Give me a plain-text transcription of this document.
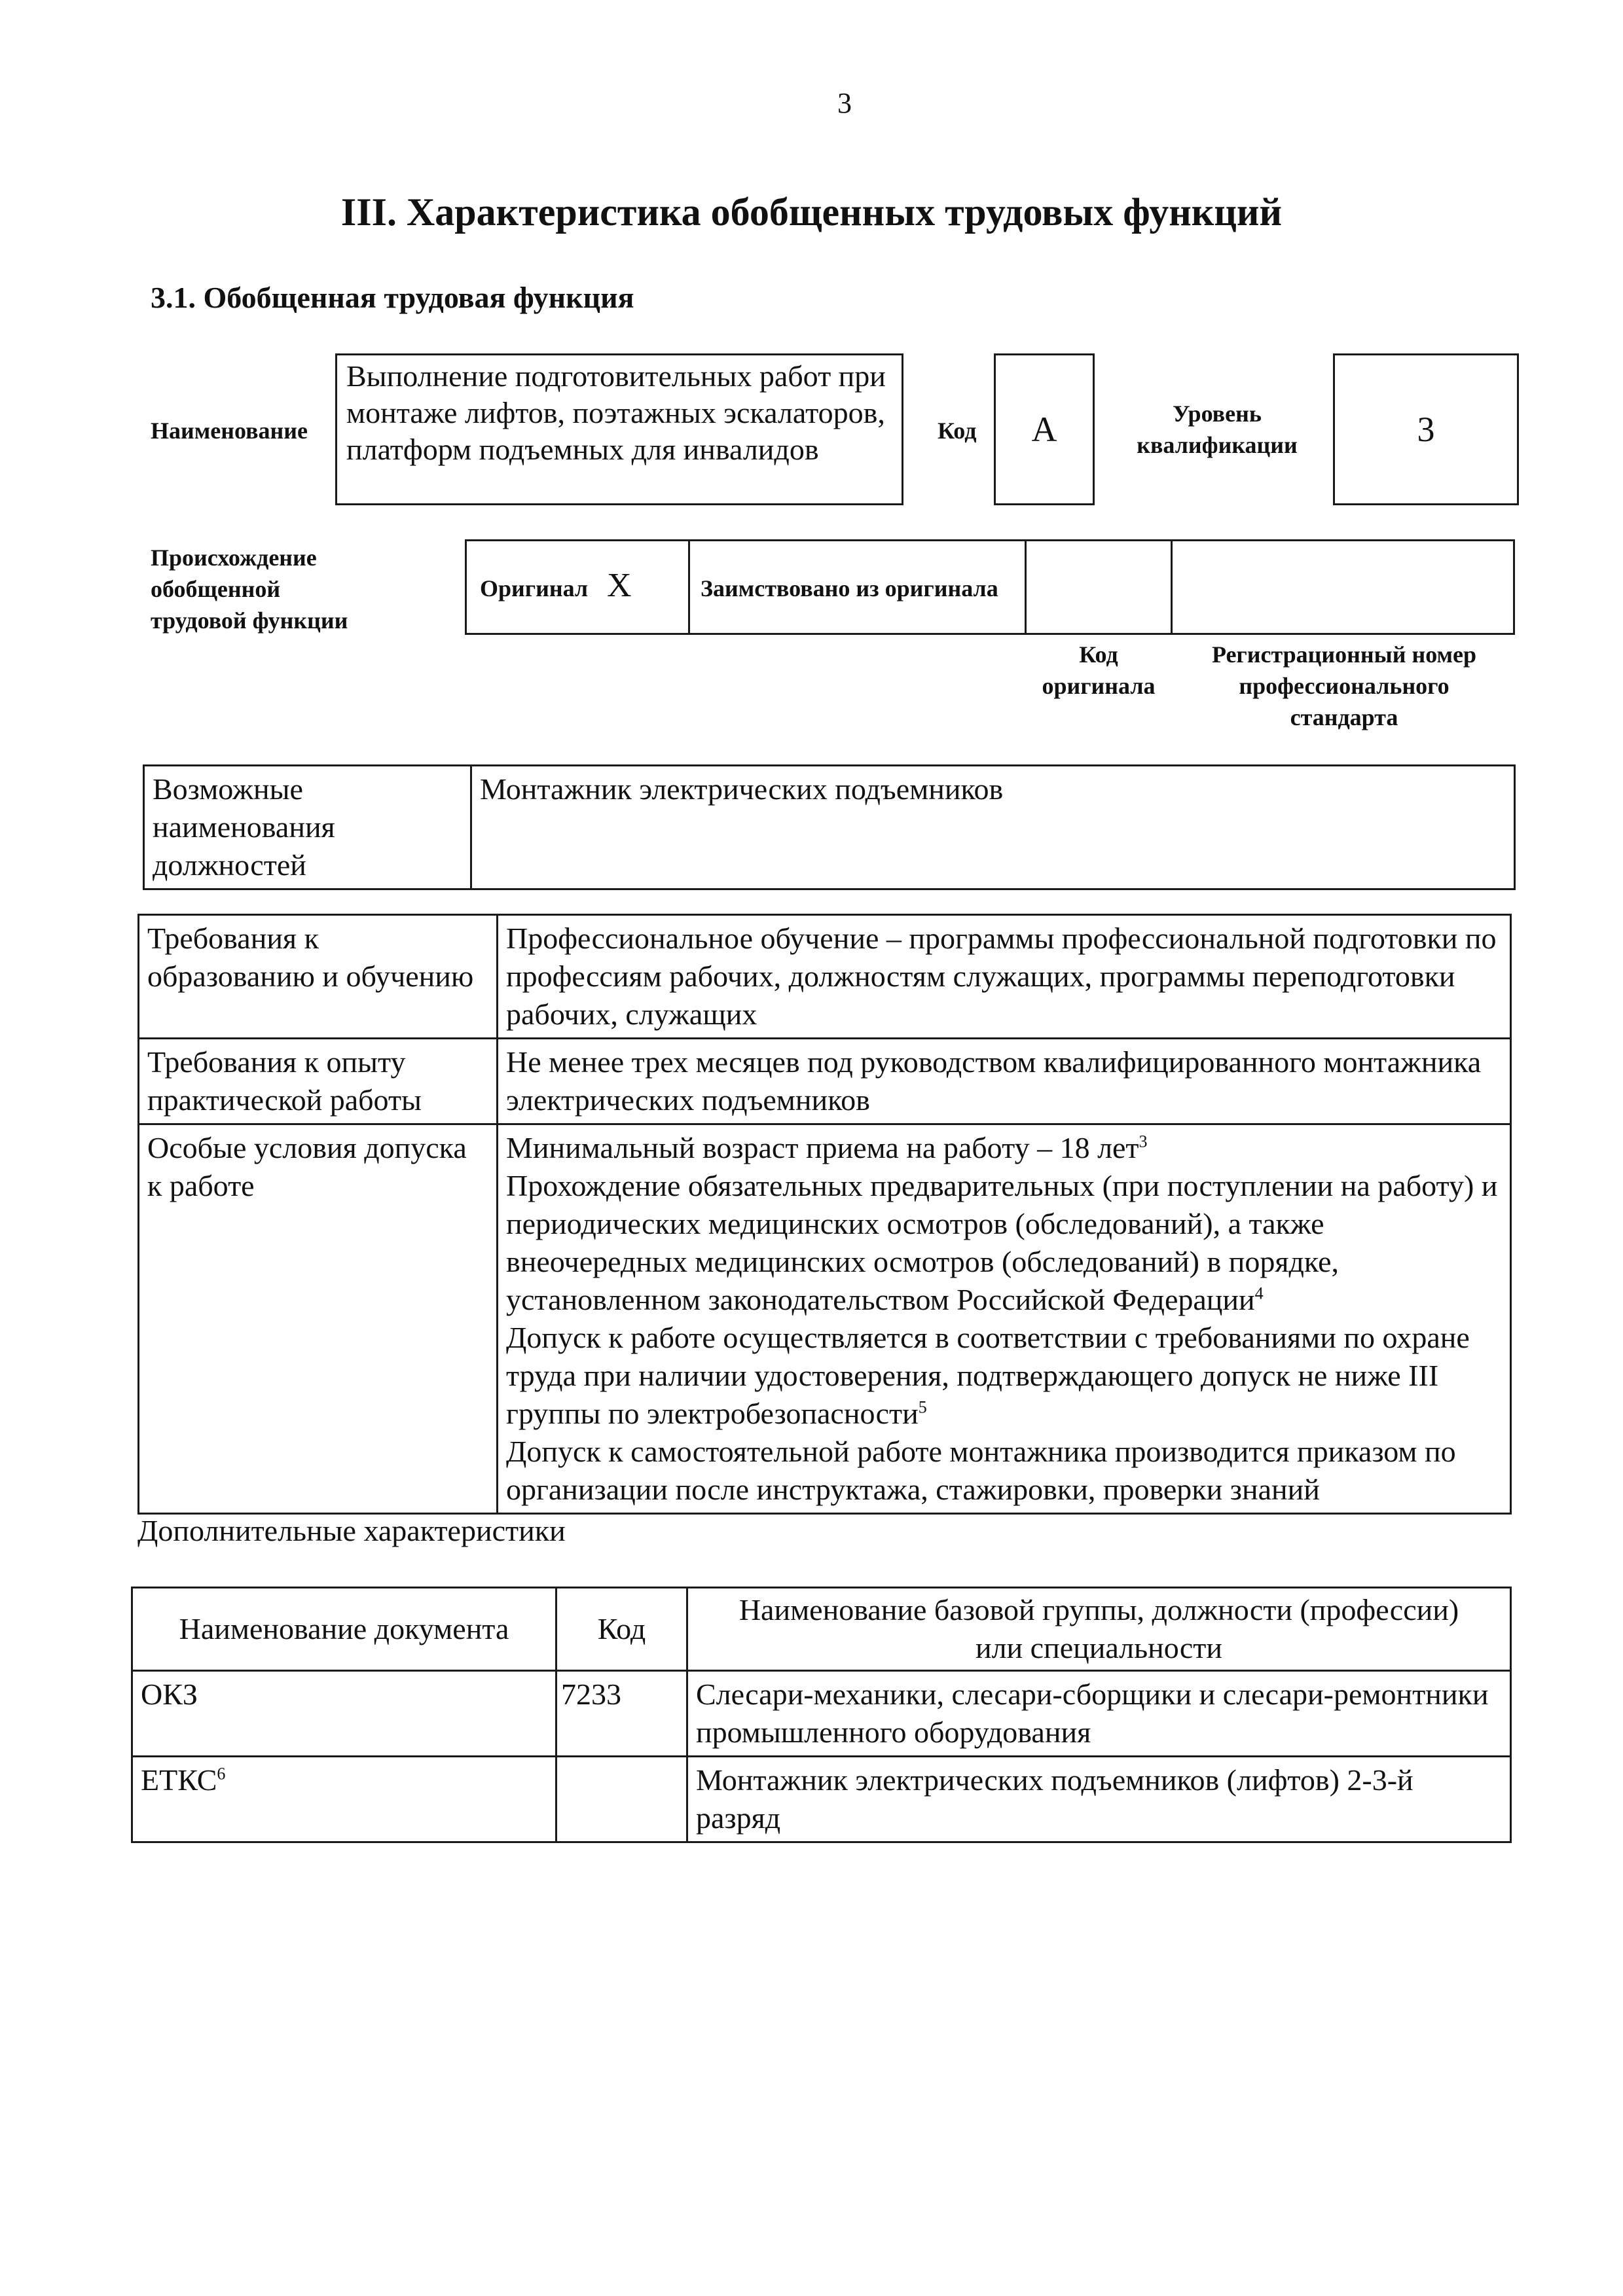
3
III. Характеристика обобщенных трудовых функций
3.1. Обобщенная трудовая функция
Наименование
Выполнение подготовительных работ при монтаже лифтов, поэтажных эскалаторов, платформ подъемных для инвалидов
Код	А	Уровень квалификации	3
Происхождение обобщенной трудовой функции
Оригинал Х	Заимствовано из оригинала
Код оригинала
Регистрационный номер профессионального стандарта
Возможные наименования должностей	Монтажник электрических подъемников
Требования к образованию и обучению	Профессиональное обучение – программы профессиональной подготовки по профессиям рабочих, должностям служащих, программы переподготовки рабочих, служащих
Требования к опыту практической работы	Не менее трех месяцев под руководством квалифицированного монтажника электрических подъемников
Особые условия допуска к работе	Минимальный возраст приема на работу – 18 лет$^3$
Прохождение обязательных предварительных (при поступлении на работу) и периодических медицинских осмотров (обследований), а также внеочередных медицинских осмотров (обследований) в порядке, установленном законодательством Российской Федерации$^4$
Допуск к работе осуществляется в соответствии с требованиями по охране труда при наличии удостоверения, подтверждающего допуск не ниже III группы по электробезопасности$^5$
Допуск к самостоятельной работе монтажника производится приказом по организации после инструктажа, стажировки, проверки знаний
Дополнительные характеристики
Наименование документа	Код	Наименование базовой группы, должности (профессии) или специальности
ОКЗ	7233	Слесари-механики, слесари-сборщики и слесари-ремонтники промышленного оборудования
ЕТКС$^6$		Монтажник электрических подъемников (лифтов) 2-3-й разряд
